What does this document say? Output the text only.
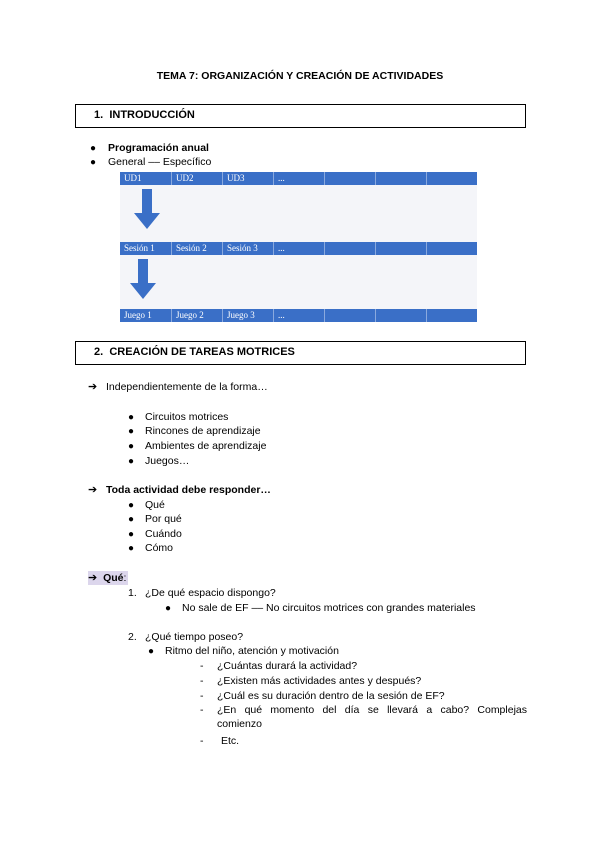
TEMA 7: ORGANIZACIÓN Y CREACIÓN DE ACTIVIDADES
1. INTRODUCCIÓN
● Programación anual
● General –– Específico
UD1	UD2	UD3	...
Sesión 1	Sesión 2	Sesión 3	...
Juego 1	Juego 2	Juego 3	...
2. CREACIÓN DE TAREAS MOTRICES
➔ Independientemente de la forma…
● Circuitos motrices
● Rincones de aprendizaje
● Ambientes de aprendizaje
● Juegos…
➔ Toda actividad debe responder…
● Qué
● Por qué
● Cuándo
● Cómo
➔ Qué:
1. ¿De qué espacio dispongo?
● No sale de EF –– No circuitos motrices con grandes materiales
2. ¿Qué tiempo poseo?
● Ritmo del niño, atención y motivación
- ¿Cuántas durará la actividad?
- ¿Existen más actividades antes y después?
- ¿Cuál es su duración dentro de la sesión de EF?
- ¿En qué momento del día se llevará a cabo? Complejas
comienzo
- Etc.
